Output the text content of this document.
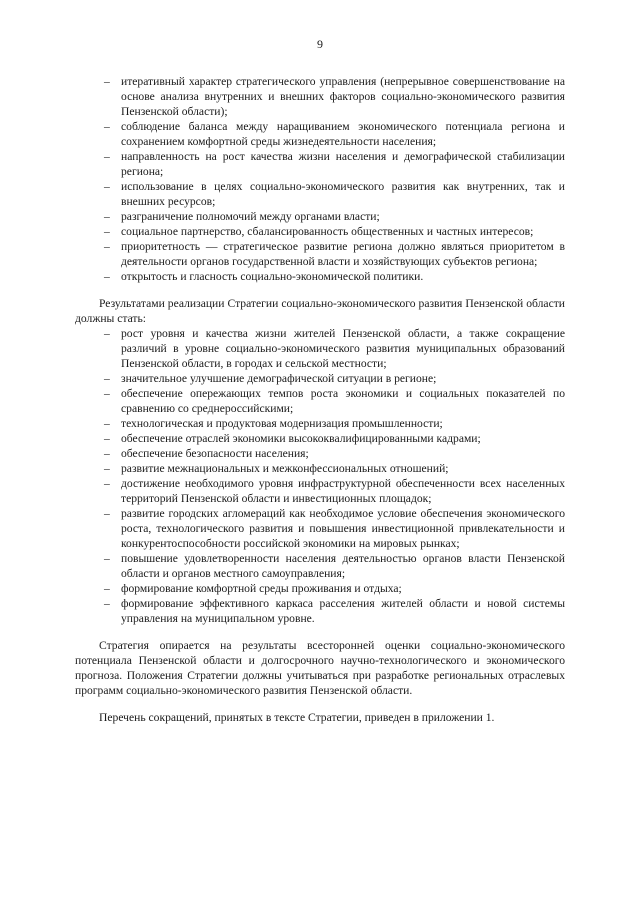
9
– итеративный характер стратегического управления (непрерывное совершенствование на основе анализа внутренних и внешних факторов социально-экономического развития Пензенской области);
– соблюдение баланса между наращиванием экономического потенциала региона и сохранением комфортной среды жизнедеятельности населения;
– направленность на рост качества жизни населения и демографической стабилизации региона;
– использование в целях социально-экономического развития как внутренних, так и внешних ресурсов;
– разграничение полномочий между органами власти;
– социальное партнерство, сбалансированность общественных и частных интересов;
– приоритетность — стратегическое развитие региона должно являться приоритетом в деятельности органов государственной власти и хозяйствующих субъектов региона;
– открытость и гласность социально-экономической политики.

Результатами реализации Стратегии социально-экономического развития Пензенской области должны стать:

– рост уровня и качества жизни жителей Пензенской области, а также сокращение различий в уровне социально-экономического развития муниципальных образований Пензенской области, в городах и сельской местности;
– значительное улучшение демографической ситуации в регионе;
– обеспечение опережающих темпов роста экономики и социальных показателей по сравнению со среднероссийскими;
– технологическая и продуктовая модернизация промышленности;
– обеспечение отраслей экономики высококвалифицированными кадрами;
– обеспечение безопасности населения;
– развитие межнациональных и межконфессиональных отношений;
– достижение необходимого уровня инфраструктурной обеспеченности всех населенных территорий Пензенской области и инвестиционных площадок;
– развитие городских агломераций как необходимое условие обеспечения экономического роста, технологического развития и повышения инвестиционной привлекательности и конкурентоспособности российской экономики на мировых рынках;
– повышение удовлетворенности населения деятельностью органов власти Пензенской области и органов местного самоуправления;
– формирование комфортной среды проживания и отдыха;
– формирование эффективного каркаса расселения жителей области и новой системы управления на муниципальном уровне.

Стратегия опирается на результаты всесторонней оценки социально-экономического потенциала Пензенской области и долгосрочного научно-технологического и экономического прогноза. Положения Стратегии должны учитываться при разработке региональных отраслевых программ социально-экономического развития Пензенской области.

Перечень сокращений, принятых в тексте Стратегии, приведен в приложении 1.
